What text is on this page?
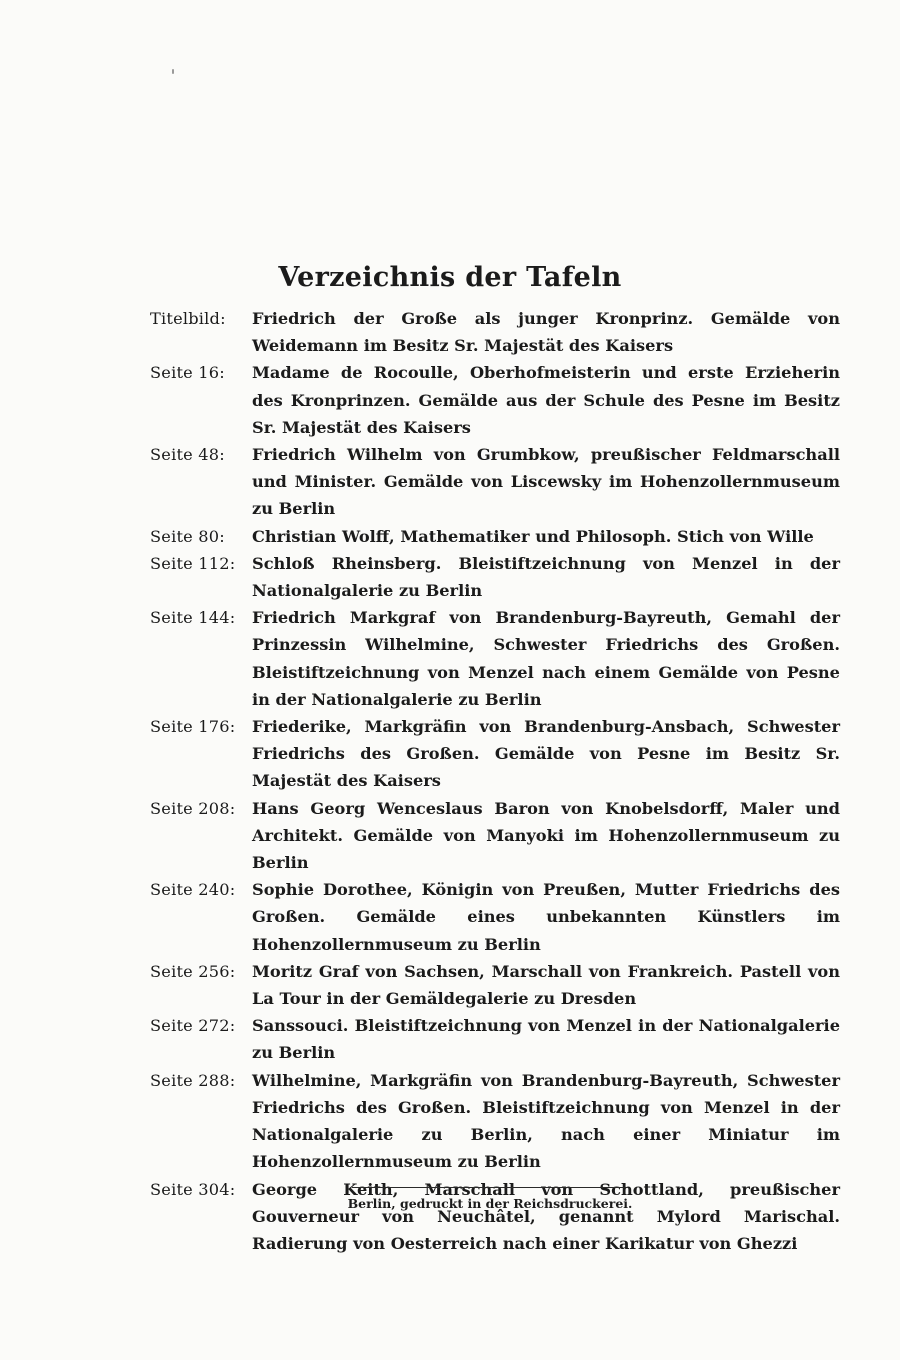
Verzeichnis der Tafeln
Titelbild:	Friedrich der Große als junger Kronprinz. Gemälde von Weidemann im Besitz Sr. Majestät des Kaisers
Seite 16:	Madame de Rocoulle, Oberhofmeisterin und erste Erzieherin des Kronprinzen. Gemälde aus der Schule des Pesne im Besitz Sr. Majestät des Kaisers
Seite 48:	Friedrich Wilhelm von Grumbkow, preußischer Feldmarschall und Minister. Gemälde von Liscewsky im Hohenzollernmuseum zu Berlin
Seite 80:	Christian Wolff, Mathematiker und Philosoph. Stich von Wille
Seite 112:	Schloß Rheinsberg. Bleistiftzeichnung von Menzel in der Nationalgalerie zu Berlin
Seite 144:	Friedrich Markgraf von Brandenburg-Bayreuth, Gemahl der Prinzessin Wilhelmine, Schwester Friedrichs des Großen. Bleistiftzeichnung von Menzel nach einem Gemälde von Pesne in der Nationalgalerie zu Berlin
Seite 176:	Friederike, Markgräfin von Brandenburg-Ansbach, Schwester Friedrichs des Großen. Gemälde von Pesne im Besitz Sr. Majestät des Kaisers
Seite 208:	Hans Georg Wenceslaus Baron von Knobelsdorff, Maler und Architekt. Gemälde von Manyoki im Hohenzollernmuseum zu Berlin
Seite 240:	Sophie Dorothee, Königin von Preußen, Mutter Friedrichs des Großen. Gemälde eines unbekannten Künstlers im Hohenzollernmuseum zu Berlin
Seite 256:	Moritz Graf von Sachsen, Marschall von Frankreich. Pastell von La Tour in der Gemäldegalerie zu Dresden
Seite 272:	Sanssouci. Bleistiftzeichnung von Menzel in der Nationalgalerie zu Berlin
Seite 288:	Wilhelmine, Markgräfin von Brandenburg-Bayreuth, Schwester Friedrichs des Großen. Bleistiftzeichnung von Menzel in der Nationalgalerie zu Berlin, nach einer Miniatur im Hohenzollernmuseum zu Berlin
Seite 304:	George Keith, Marschall von Schottland, preußischer Gouverneur von Neuchâtel, genannt Mylord Marischal. Radierung von Oesterreich nach einer Karikatur von Ghezzi
Berlin, gedruckt in der Reichsdruckerei.
